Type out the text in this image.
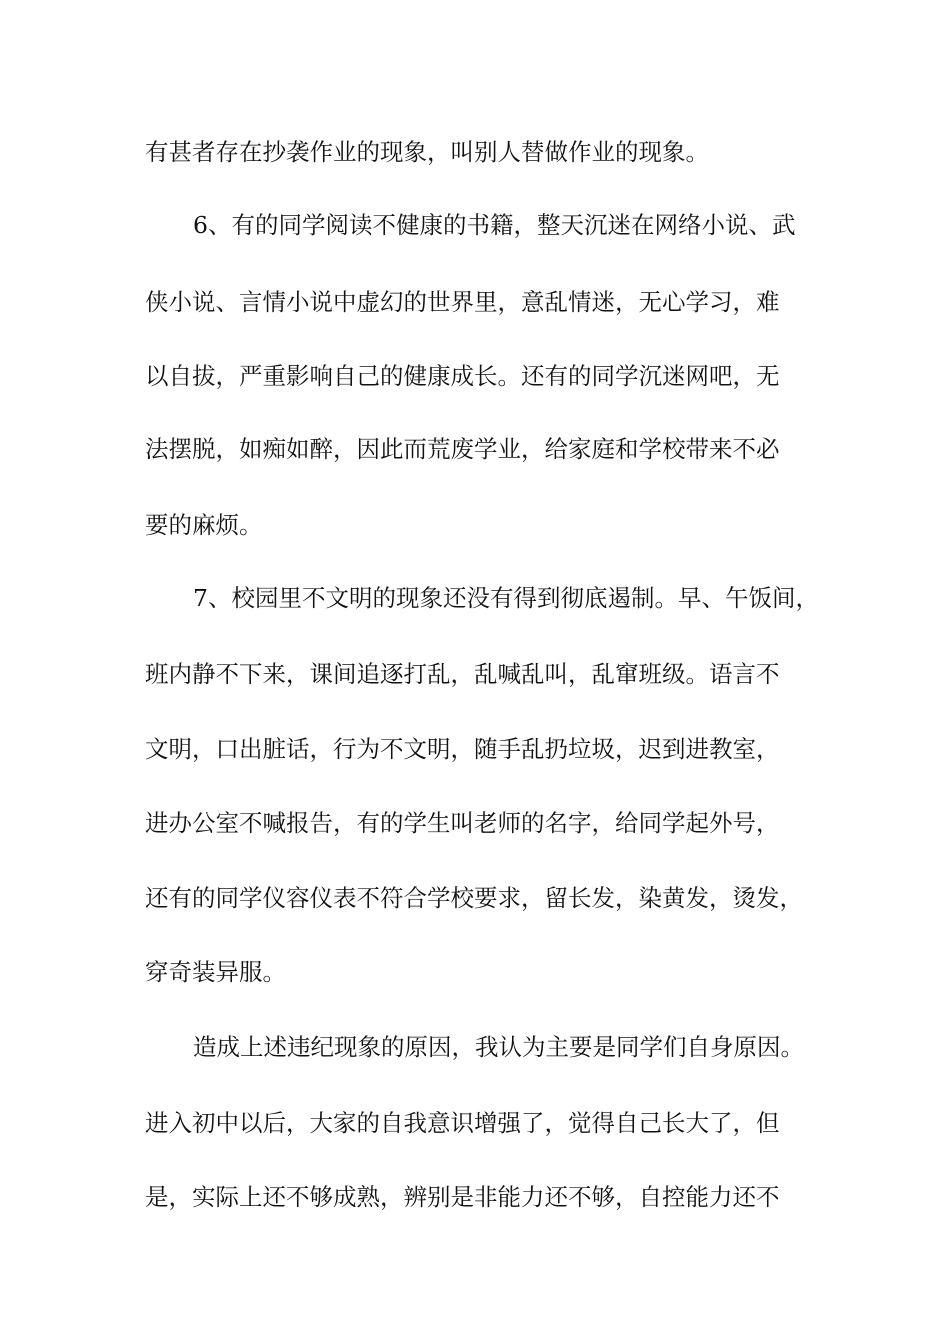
有甚者存在抄袭作业的现象，叫别人替做作业的现象。
6、有的同学阅读不健康的书籍，整天沉迷在网络小说、武
侠小说、言情小说中虚幻的世界里，意乱情迷，无心学习，难
以自拔，严重影响自己的健康成长。还有的同学沉迷网吧，无
法摆脱，如痴如醉，因此而荒废学业，给家庭和学校带来不必
要的麻烦。
7、校园里不文明的现象还没有得到彻底遏制。早、午饭间，
班内静不下来，课间追逐打乱，乱喊乱叫，乱窜班级。语言不
文明，口出脏话，行为不文明，随手乱扔垃圾，迟到进教室，
进办公室不喊报告，有的学生叫老师的名字，给同学起外号，
还有的同学仪容仪表不符合学校要求，留长发，染黄发，烫发，
穿奇装异服。
造成上述违纪现象的原因，我认为主要是同学们自身原因。
进入初中以后，大家的自我意识增强了，觉得自己长大了，但
是，实际上还不够成熟，辨别是非能力还不够，自控能力还不
